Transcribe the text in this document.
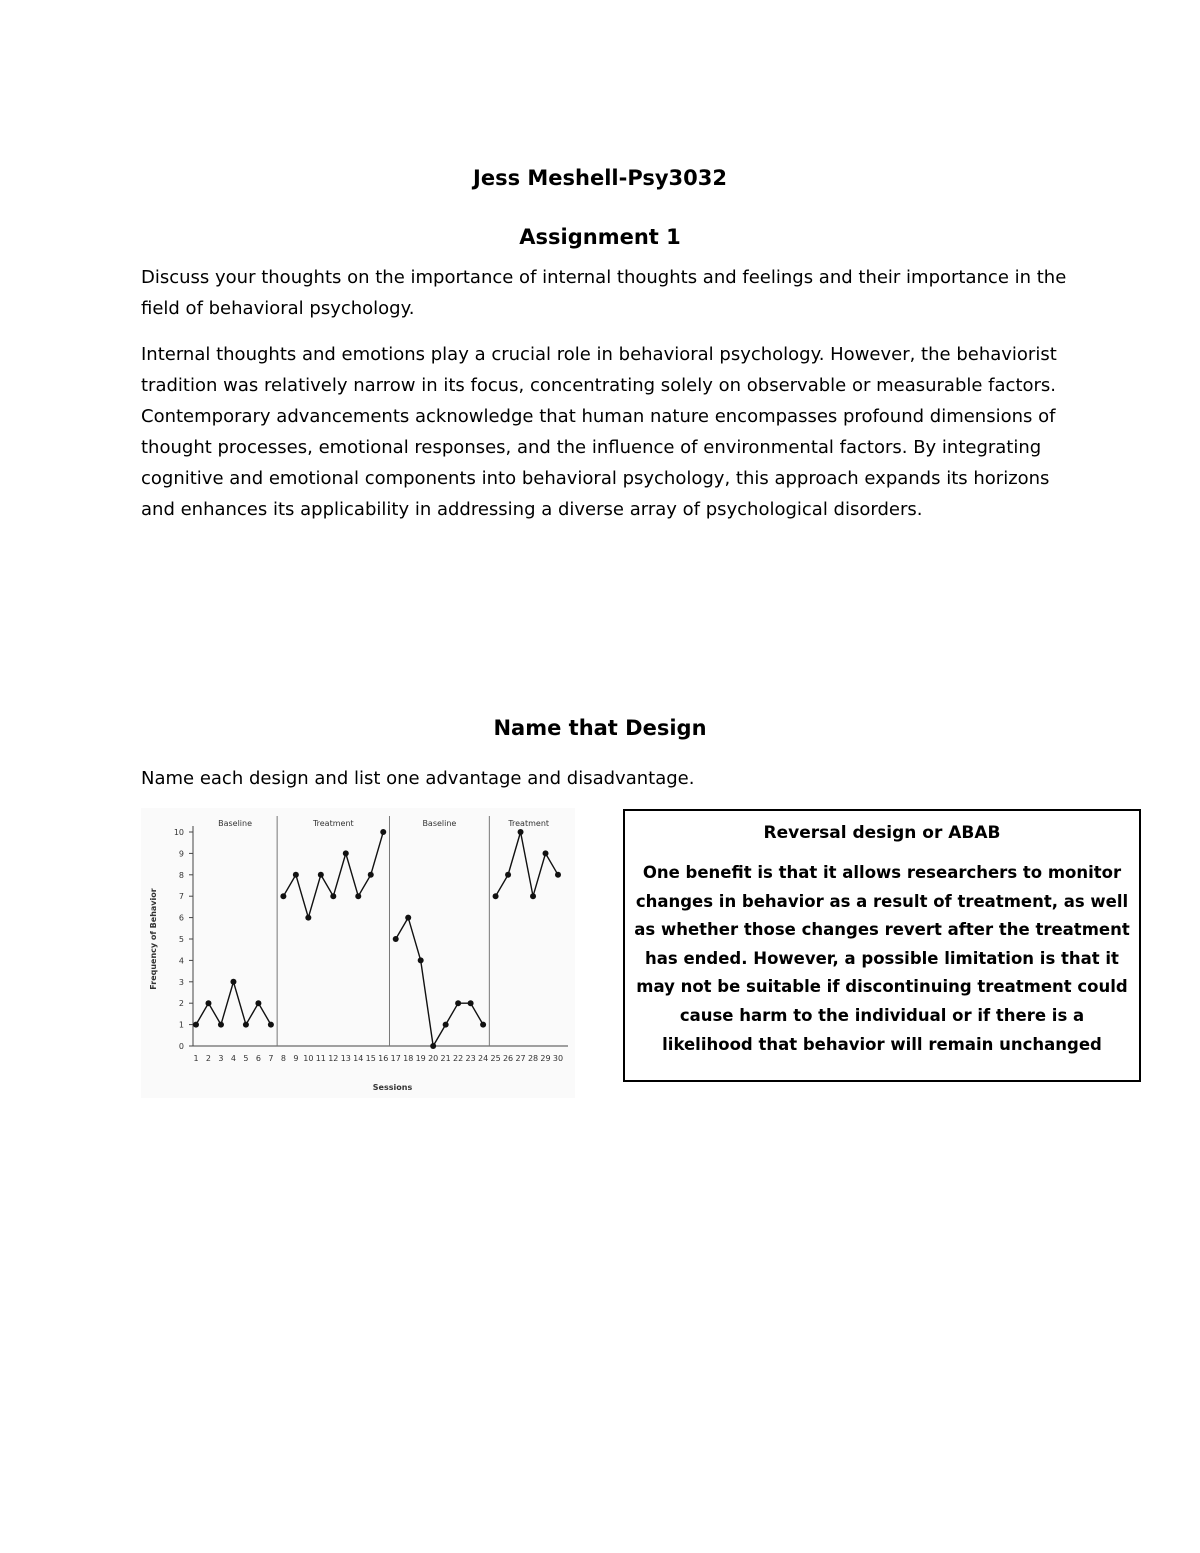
Jess Meshell-Psy3032
Assignment 1
Discuss your thoughts on the importance of internal thoughts and feelings and their importance in the field of behavioral psychology.
Internal thoughts and emotions play a crucial role in behavioral psychology. However, the behaviorist tradition was relatively narrow in its focus, concentrating solely on observable or measurable factors. Contemporary advancements acknowledge that human nature encompasses profound dimensions of thought processes, emotional responses, and the influence of environmental factors. By integrating cognitive and emotional components into behavioral psychology, this approach expands its horizons and enhances its applicability in addressing a diverse array of psychological disorders.
Name that Design
Name each design and list one advantage and disadvantage.
0
1
2
3
4
5
6
7
8
9
10
1 2 3 4 5 6 7 8 9 10 11 12 13 14 15 16 17 18 19 20 21 22 23 24 25 26 27 28 29 30
Sessions
Frequency of Behavior
Baseline	Treatment	Baseline	Treatment	Reversal design or ABAB
One benefit is that it allows researchers to monitor changes in behavior as a result of treatment, as well as whether those changes revert after the treatment has ended. However, a possible limitation is that it may not be suitable if discontinuing treatment could cause harm to the individual or if there is a likelihood that behavior will remain unchanged
